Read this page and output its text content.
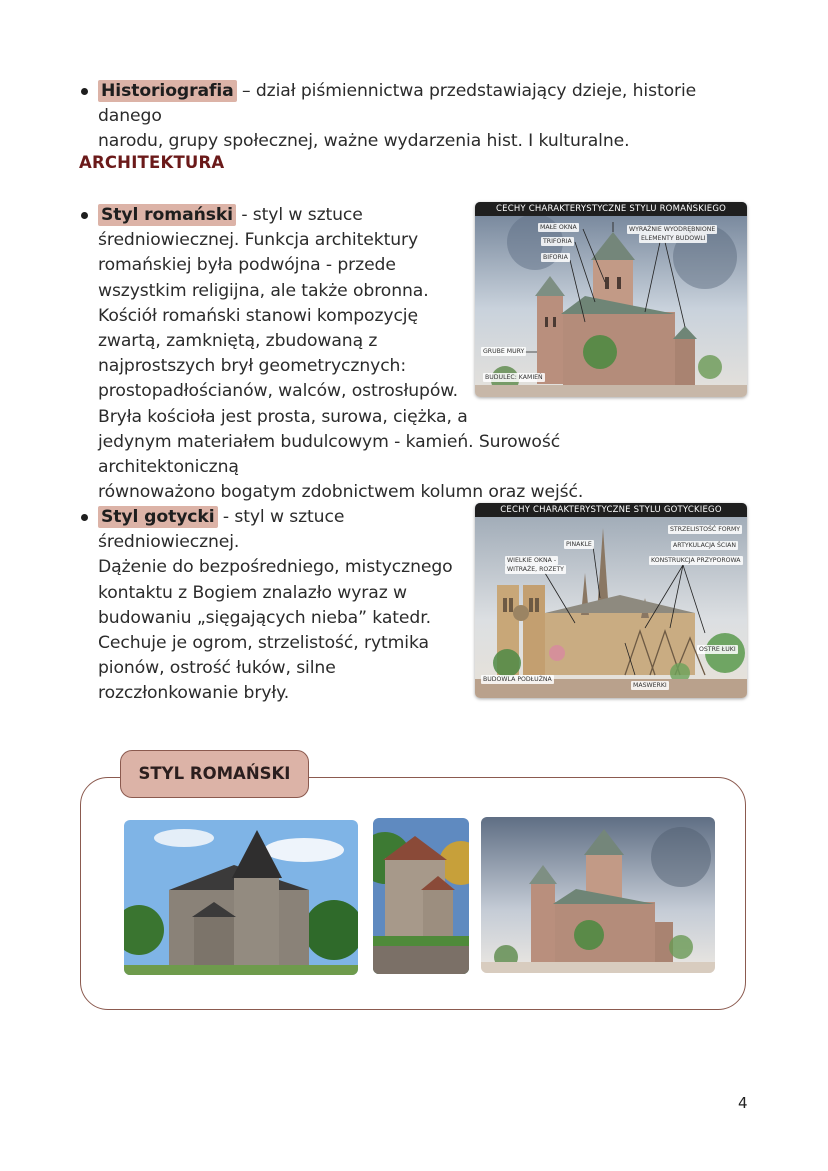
Historiografia – dział piśmiennictwa przedstawiający dzieje, historie danego
narodu, grupy społecznej, ważne wydarzenia hist. I kulturalne.
ARCHITEKTURA
Styl romański - styl w sztuce
średniowiecznej. Funkcja architektury
romańskiej była podwójna - przede
wszystkim religijna, ale także obronna.
Kościół romański stanowi kompozycję
zwartą, zamkniętą, zbudowaną z
najprostszych brył geometrycznych:
prostopadłościanów, walców, ostrosłupów.
Bryła kościoła jest prosta, surowa, ciężka, a
jedynym materiałem budulcowym - kamień. Surowość architektoniczną
równoważono bogatym zdobnictwem kolumn oraz wejść.
CECHY CHARAKTERYSTYCZNE STYLU ROMAŃSKIEGO
MAŁE OKNA
TRIFORIA
BIFORIA
WYRAŹNIE WYODRĘBNIONE
ELEMENTY BUDOWLI
GRUBE MURY
BUDULEC: KAMIEŃ
Styl gotycki - styl w sztuce średniowiecznej.
Dążenie do bezpośredniego, mistycznego
kontaktu z Bogiem znalazło wyraz w
budowaniu „sięgających nieba” katedr.
Cechuje je ogrom, strzelistość, rytmika
pionów, ostrość łuków, silne
rozczłonkowanie bryły.
CECHY CHARAKTERYSTYCZNE STYLU GOTYCKIEGO
STRZELISTOŚĆ FORMY
ARTYKULACJA ŚCIAN
KONSTRUKCJA PRZYPOROWA
PINAKLE
WIELKIE OKNA -
WITRAŻE, ROZETY
OSTRE ŁUKI
BUDOWLA PODŁUŻNA
MASWERKI
STYL ROMAŃSKI
4
